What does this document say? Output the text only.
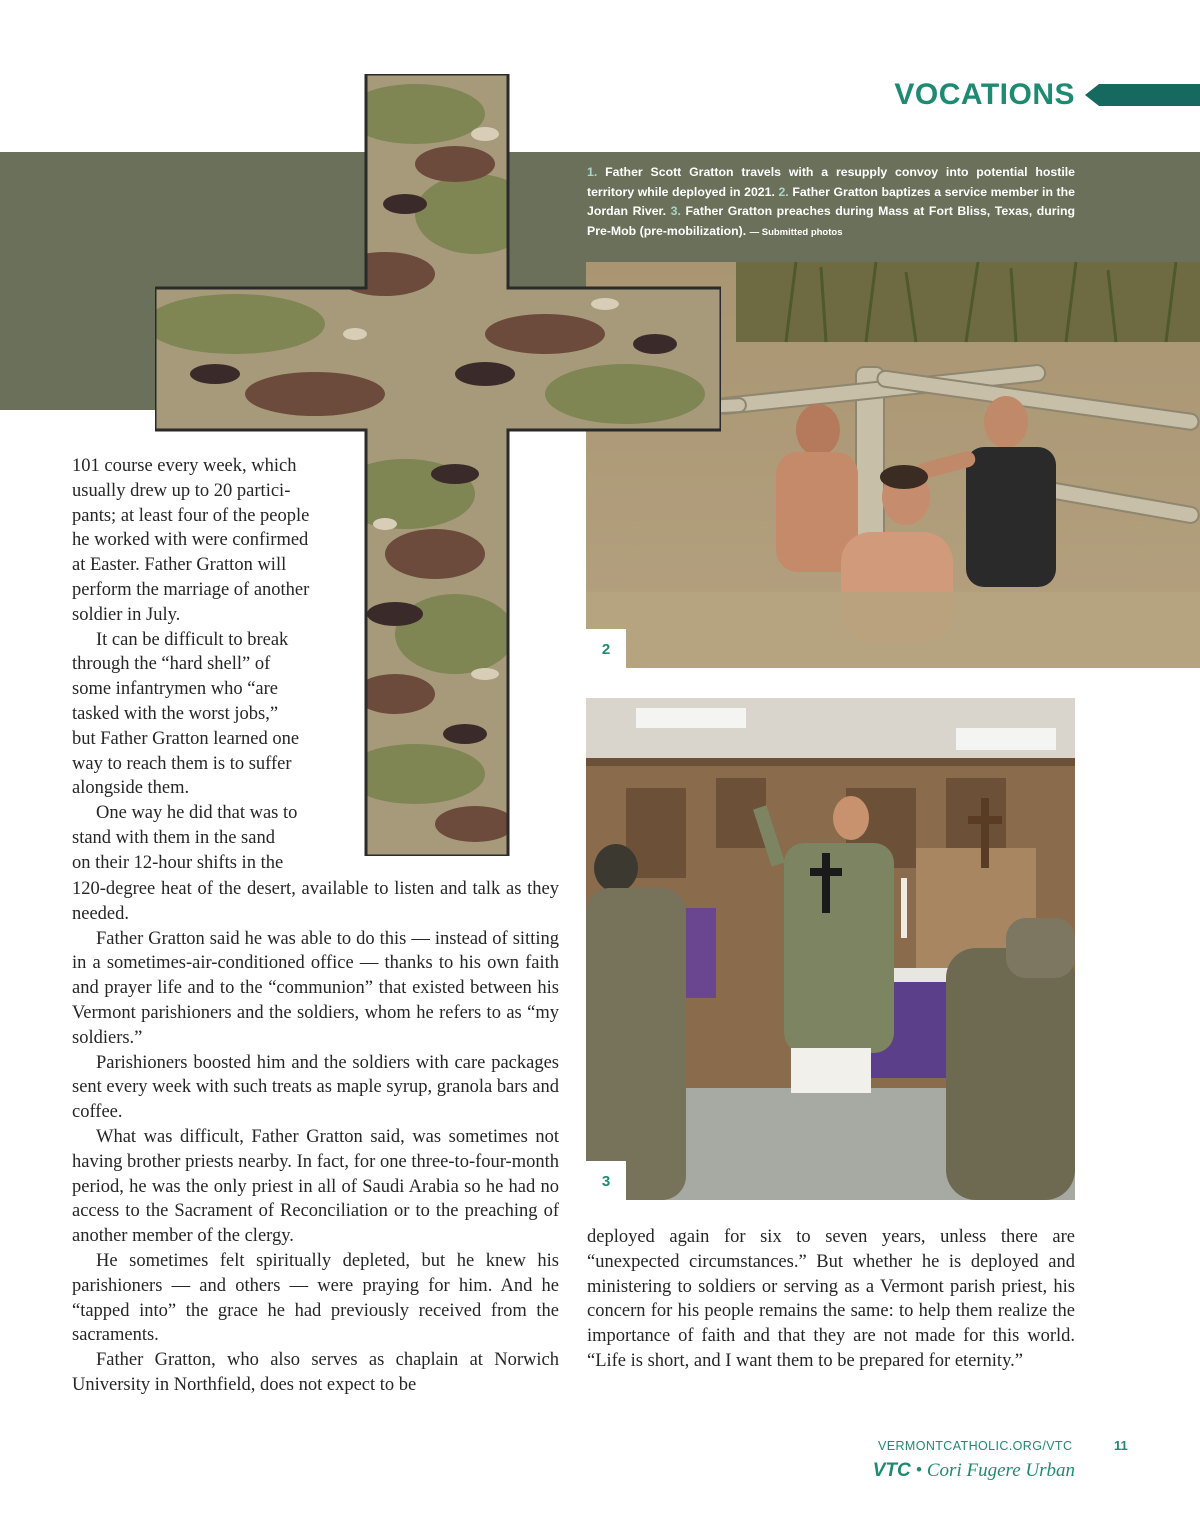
VOCATIONS
1. Father Scott Gratton travels with a resupply convoy into potential hostile territory while deployed in 2021. 2. Father Gratton baptizes a service member in the Jordan River. 3. Father Gratton preaches during Mass at Fort Bliss, Texas, during Pre-Mob (pre-mobilization). — Submitted photos
2
3
101 course every week, which
usually drew up to 20 partici-
pants; at least four of the people
he worked with were confirmed
at Easter. Father Gratton will
perform the marriage of another
soldier in July.
It can be difficult to break
through the “hard shell” of
some infantrymen who “are
tasked with the worst jobs,”
but Father Gratton learned one
way to reach them is to suffer
alongside them.
One way he did that was to
stand with them in the sand
on their 12-hour shifts in the

120-degree heat of the desert, available to listen and talk as they needed.

Father Gratton said he was able to do this — instead of sitting in a sometimes-air-conditioned office — thanks to his own faith and prayer life and to the “communion” that existed between his Vermont parishioners and the soldiers, whom he refers to as “my soldiers.”

Parishioners boosted him and the soldiers with care packages sent every week with such treats as maple syrup, granola bars and coffee.

What was difficult, Father Gratton said, was sometimes not having brother priests nearby. In fact, for one three-to-four-month period, he was the only priest in all of Saudi Arabia so he had no access to the Sacrament of Reconciliation or to the preaching of another member of the clergy.

He sometimes felt spiritually depleted, but he knew his parishioners — and others — were praying for him. And he “tapped into” the grace he had previously received from the sacraments.

Father Gratton, who also serves as chaplain at Norwich University in Northfield, does not expect to be

deployed again for six to seven years, unless there are “unexpected circumstances.” But whether he is deployed and ministering to soldiers or serving as a Vermont parish priest, his concern for his people remains the same: to help them realize the importance of faith and that they are not made for this world. “Life is short, and I want them to be prepared for eternity.”

VTC • Cori Fugere Urban
VERMONTCATHOLIC.ORG/VTC	11
